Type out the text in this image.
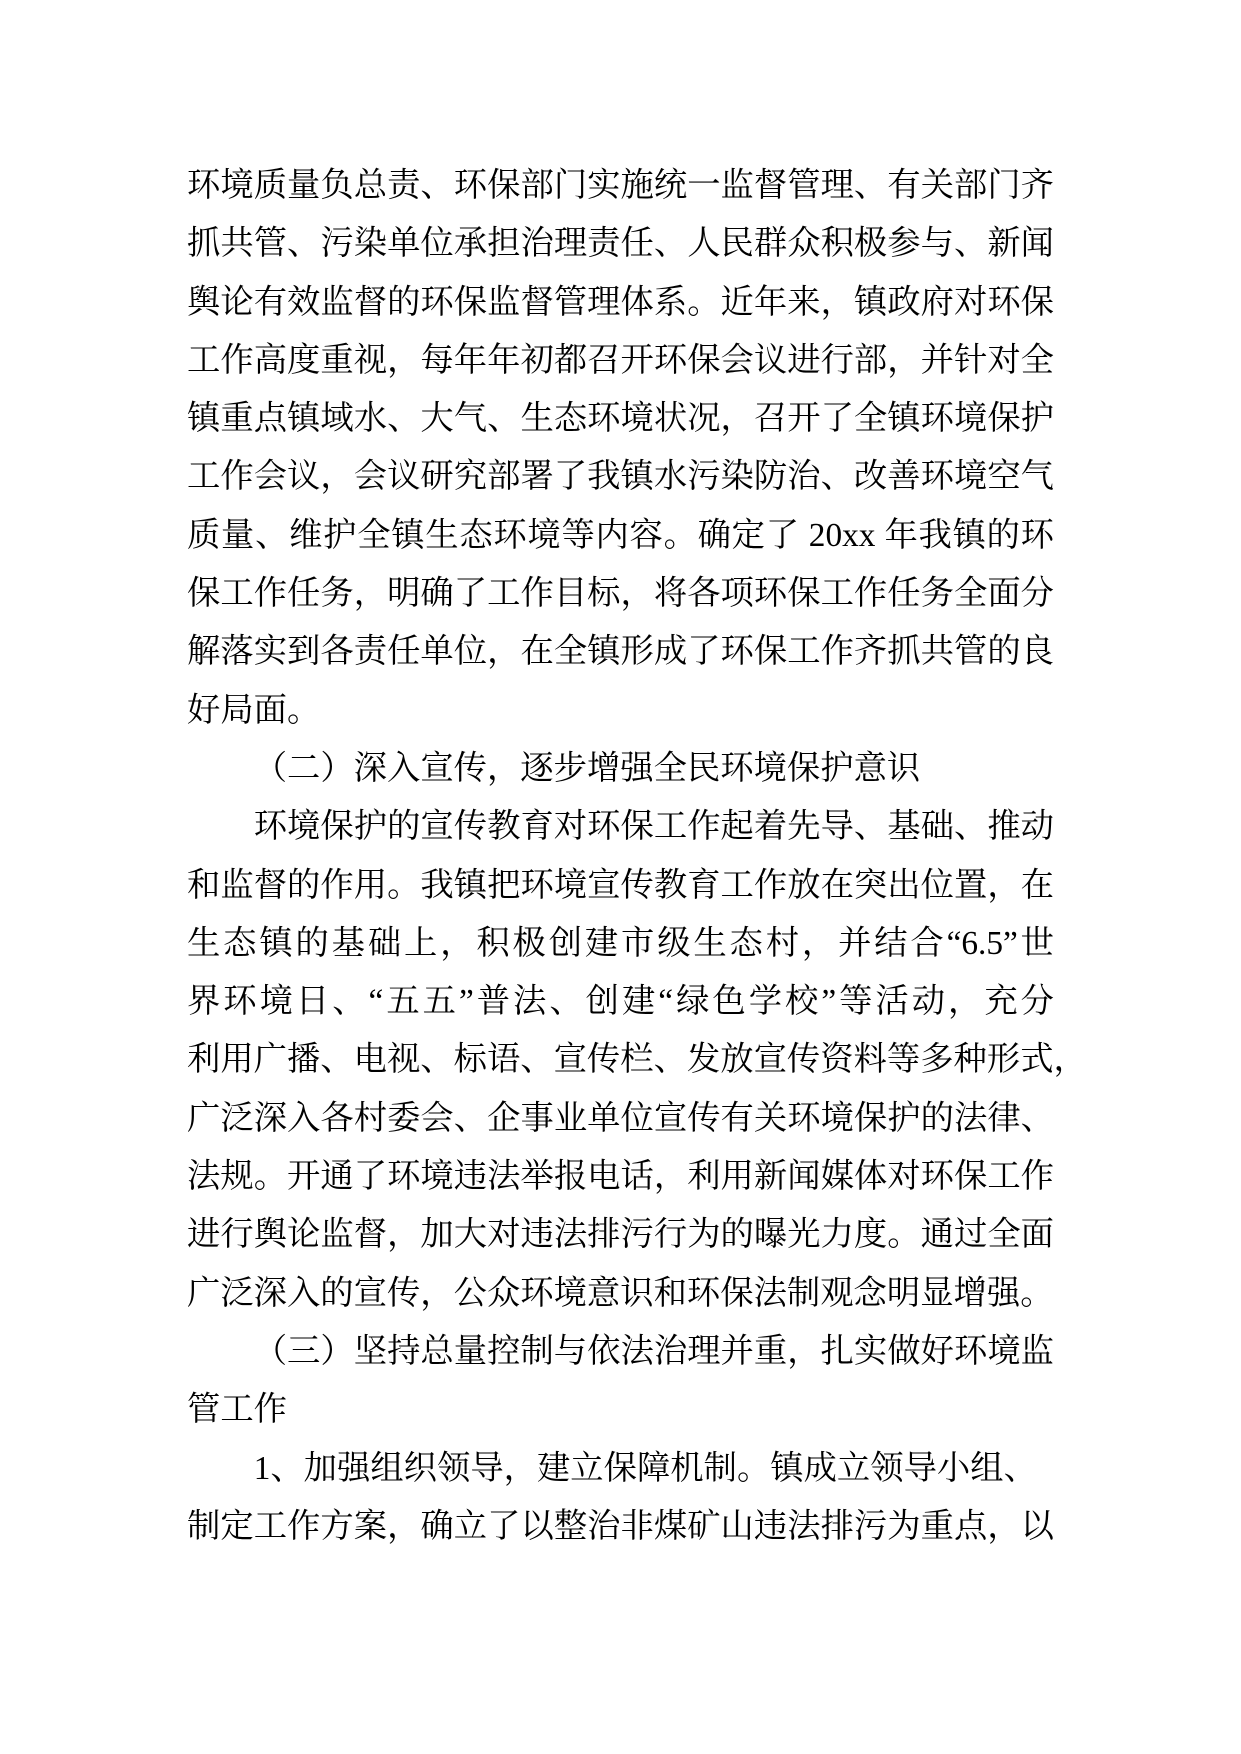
环境质量负总责、环保部门实施统一监督管理、有关部门齐
抓共管、污染单位承担治理责任、人民群众积极参与、新闻
舆论有效监督的环保监督管理体系。近年来，镇政府对环保
工作高度重视，每年年初都召开环保会议进行部，并针对全
镇重点镇域水、大气、生态环境状况，召开了全镇环境保护
工作会议，会议研究部署了我镇水污染防治、改善环境空气
质量、维护全镇生态环境等内容。确定了 20xx 年我镇的环
保工作任务，明确了工作目标，将各项环保工作任务全面分
解落实到各责任单位，在全镇形成了环保工作齐抓共管的良
好局面。
（二）深入宣传，逐步增强全民环境保护意识
环境保护的宣传教育对环保工作起着先导、基础、推动
和监督的作用。我镇把环境宣传教育工作放在突出位置，在
生态镇的基础上，积极创建市级生态村，并结合“6.5”世
界环境日、“五五”普法、创建“绿色学校”等活动，充分
利用广播、电视、标语、宣传栏、发放宣传资料等多种形式，
广泛深入各村委会、企事业单位宣传有关环境保护的法律、
法规。开通了环境违法举报电话，利用新闻媒体对环保工作
进行舆论监督，加大对违法排污行为的曝光力度。通过全面
广泛深入的宣传，公众环境意识和环保法制观念明显增强。
（三）坚持总量控制与依法治理并重，扎实做好环境监
管工作
1、加强组织领导，建立保障机制。镇成立领导小组、
制定工作方案，确立了以整治非煤矿山违法排污为重点，以
